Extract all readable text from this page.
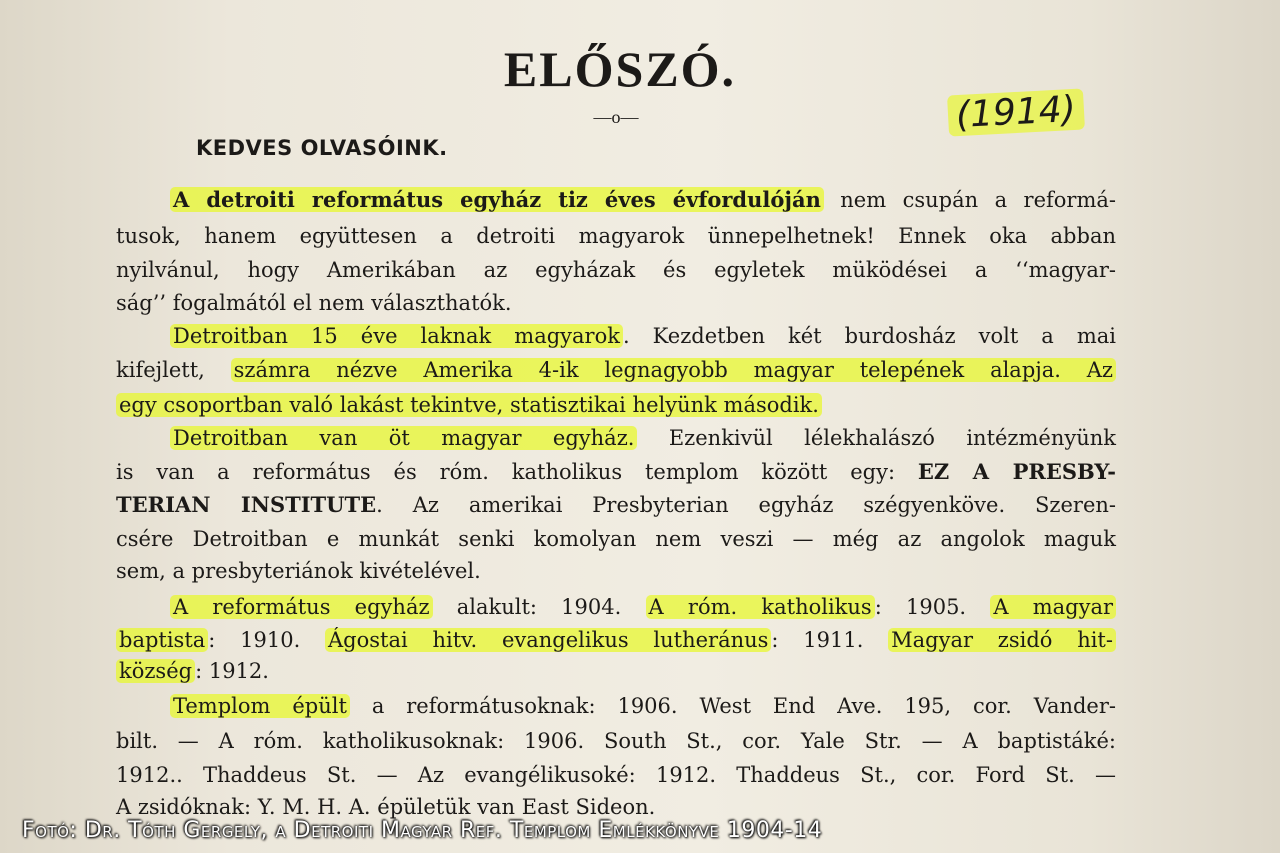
ELŐSZÓ.
—o—	(1914)
KEDVES OLVASÓINK.
A detroiti református egyház tiz éves évfordulóján nem csupán a reformá-
tusok, hanem együttesen a detroiti magyarok ünnepelhetnek! Ennek oka abban
nyilvánul, hogy Amerikában az egyházak és egyletek müködései a ‘‘magyar-
ság’’ fogalmától el nem választhatók.
Detroitban 15 éve laknak magyarok . Kezdetben két burdosház volt a mai
kifejlett, számra nézve Amerika 4-ik legnagyobb magyar telepének alapja. Az
egy csoportban való lakást tekintve, statisztikai helyünk második.
Detroitban van öt magyar egyház. Ezenkivül lélekhalászó intézményünk
is van a református és róm. katholikus templom között egy: EZ A PRESBY-
TERIAN INSTITUTE. Az amerikai Presbyterian egyház szégyenköve. Szeren-
csére Detroitban e munkát senki komolyan nem veszi — még az angolok maguk
sem, a presbyteriánok kivételével.
A református egyház alakult: 1904. A róm. katholikus : 1905. A magyar
baptista : 1910. Ágostai hitv. evangelikus lutheránus : 1911. Magyar zsidó hit-
község : 1912.
Templom épült a reformátusoknak: 1906. West End Ave. 195, cor. Vander-
bilt. — A róm. katholikusoknak: 1906. South St., cor. Yale Str. — A baptistáké:
1912.. Thaddeus St. — Az evangélikusoké: 1912. Thaddeus St., cor. Ford St. —
A zsidóknak: Y. M. H. A. épületük van East Sideon.
Fotó: Dr. Tóth Gergely, a Detroiti Magyar Ref. Templom Emlékkönyve 1904-14
